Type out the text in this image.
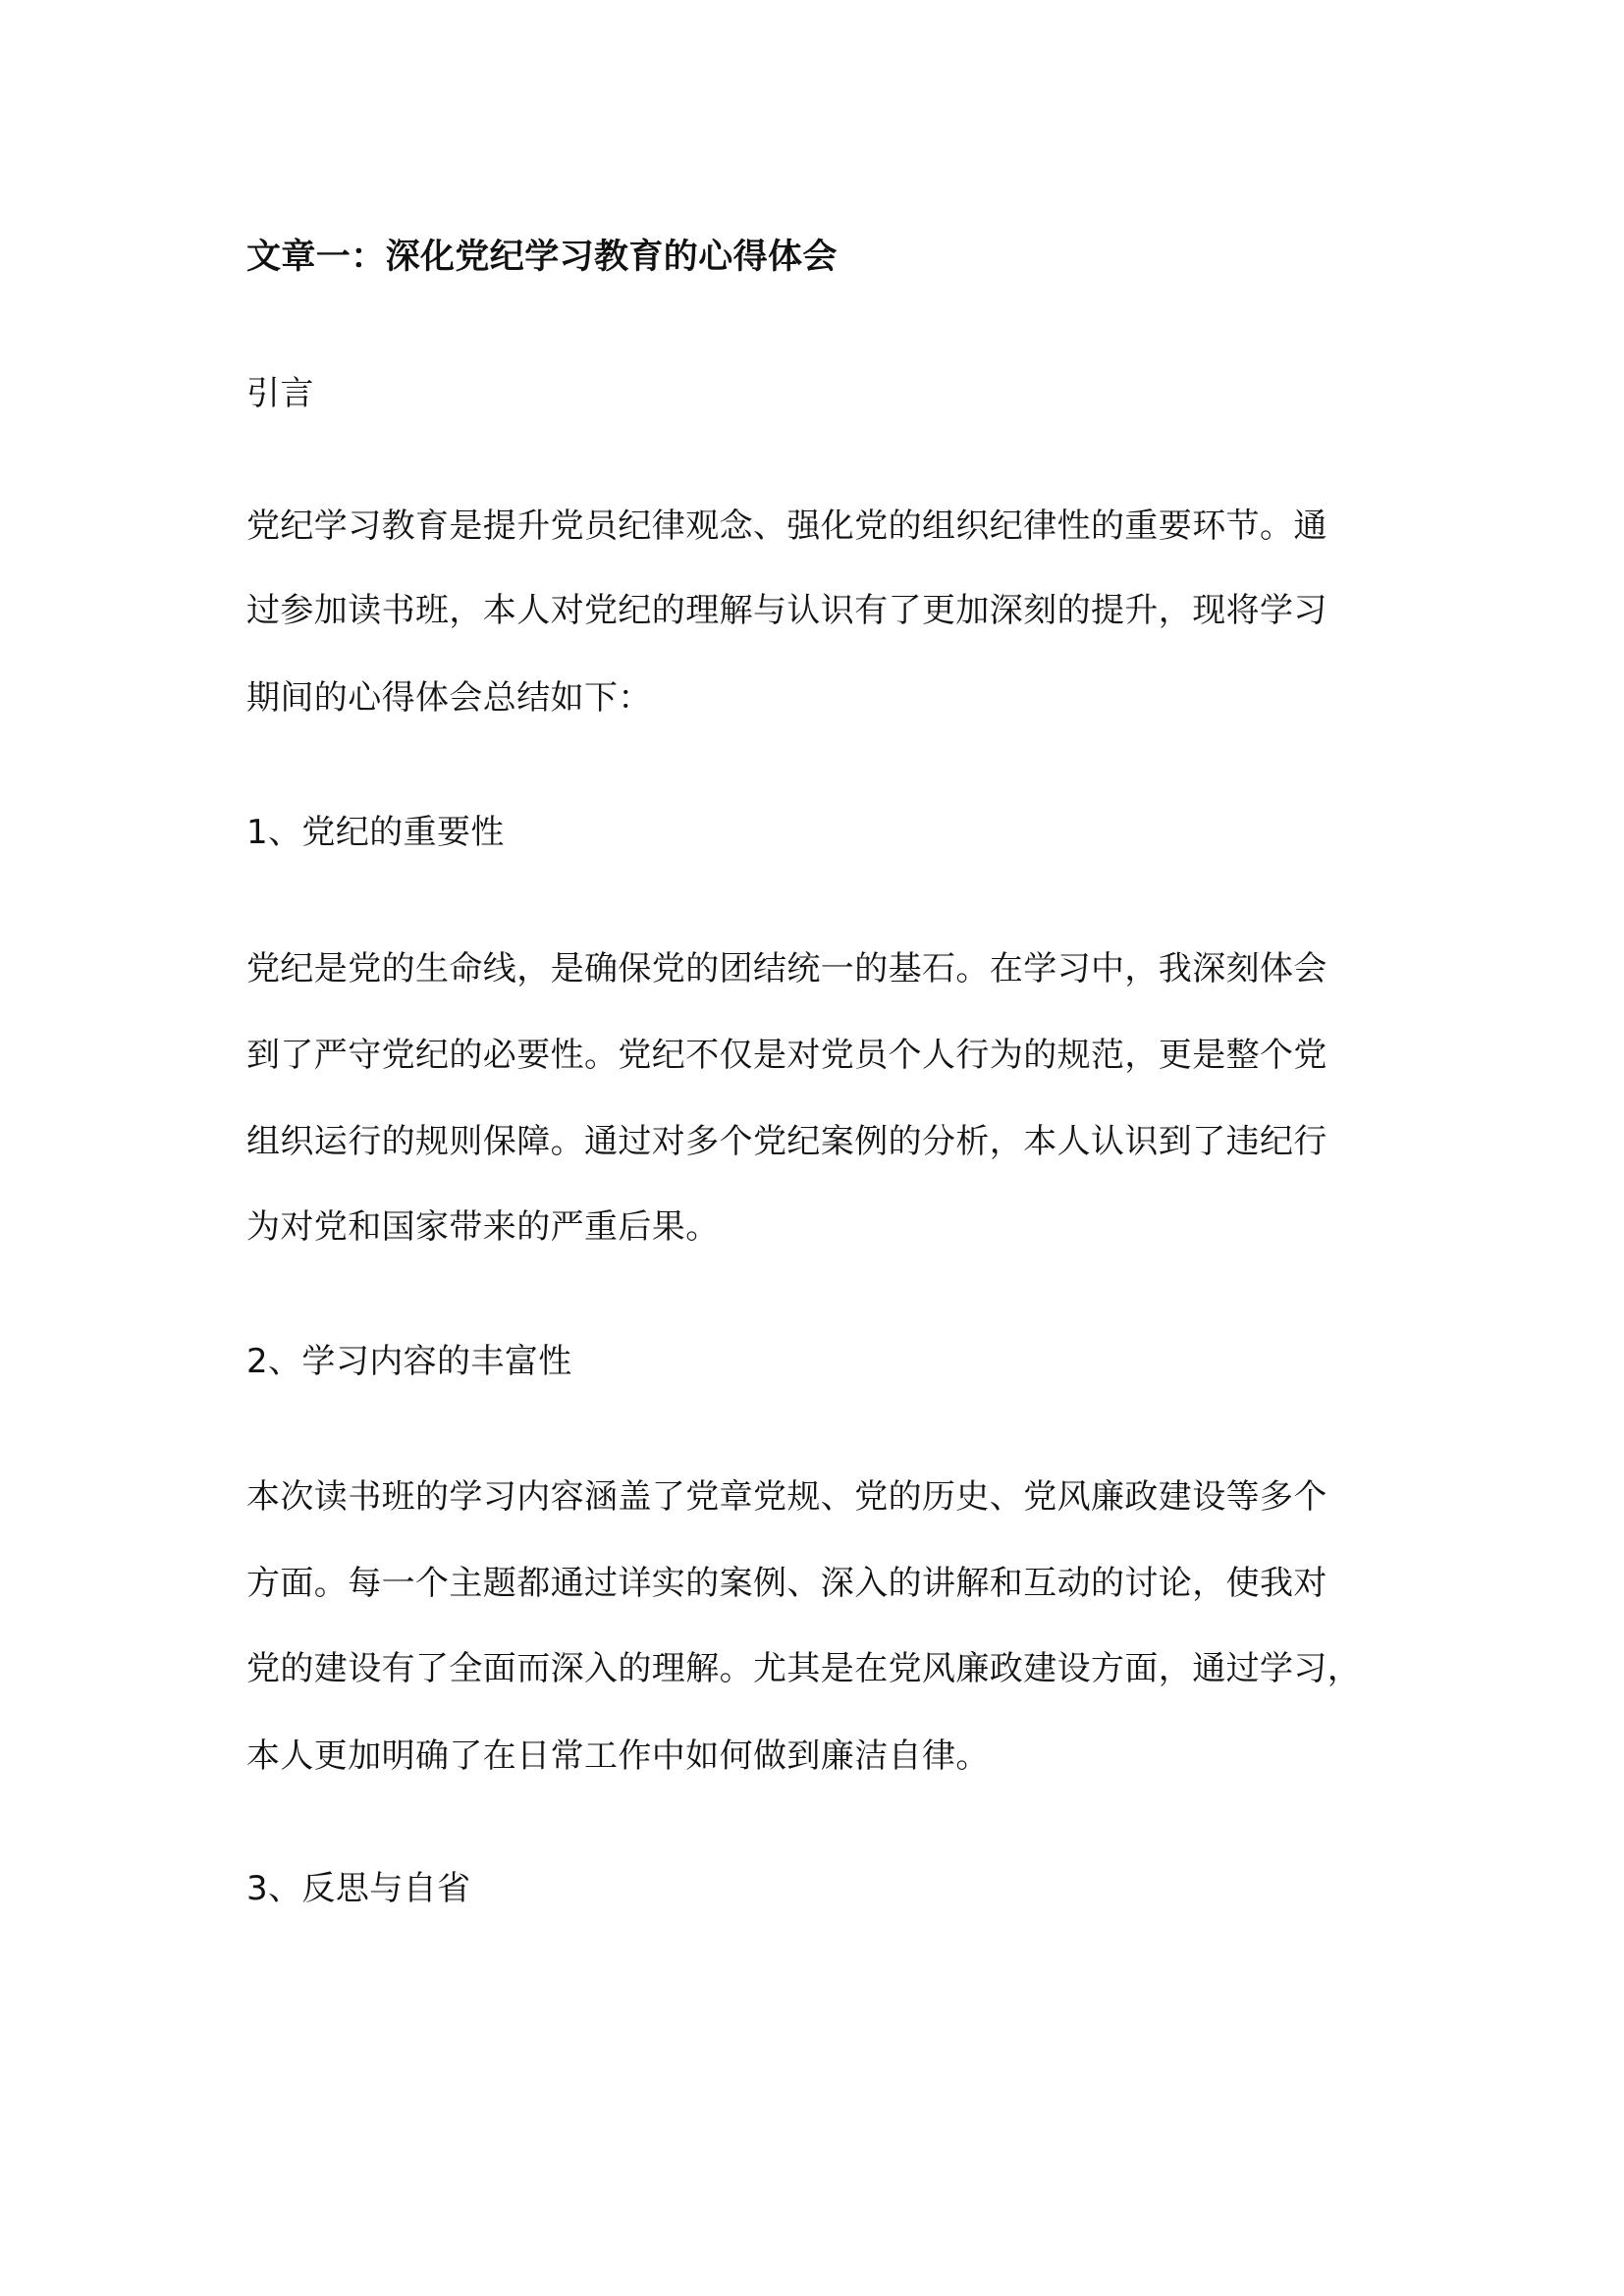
文章一：深化党纪学习教育的心得体会
引言
党纪学习教育是提升党员纪律观念、强化党的组织纪律性的重要环节。通
过参加读书班，本人对党纪的理解与认识有了更加深刻的提升，现将学习
期间的心得体会总结如下：
1、党纪的重要性
党纪是党的生命线，是确保党的团结统一的基石。在学习中，我深刻体会
到了严守党纪的必要性。党纪不仅是对党员个人行为的规范，更是整个党
组织运行的规则保障。通过对多个党纪案例的分析，本人认识到了违纪行
为对党和国家带来的严重后果。
2、学习内容的丰富性
本次读书班的学习内容涵盖了党章党规、党的历史、党风廉政建设等多个
方面。每一个主题都通过详实的案例、深入的讲解和互动的讨论，使我对
党的建设有了全面而深入的理解。尤其是在党风廉政建设方面，通过学习，
本人更加明确了在日常工作中如何做到廉洁自律。
3、反思与自省
